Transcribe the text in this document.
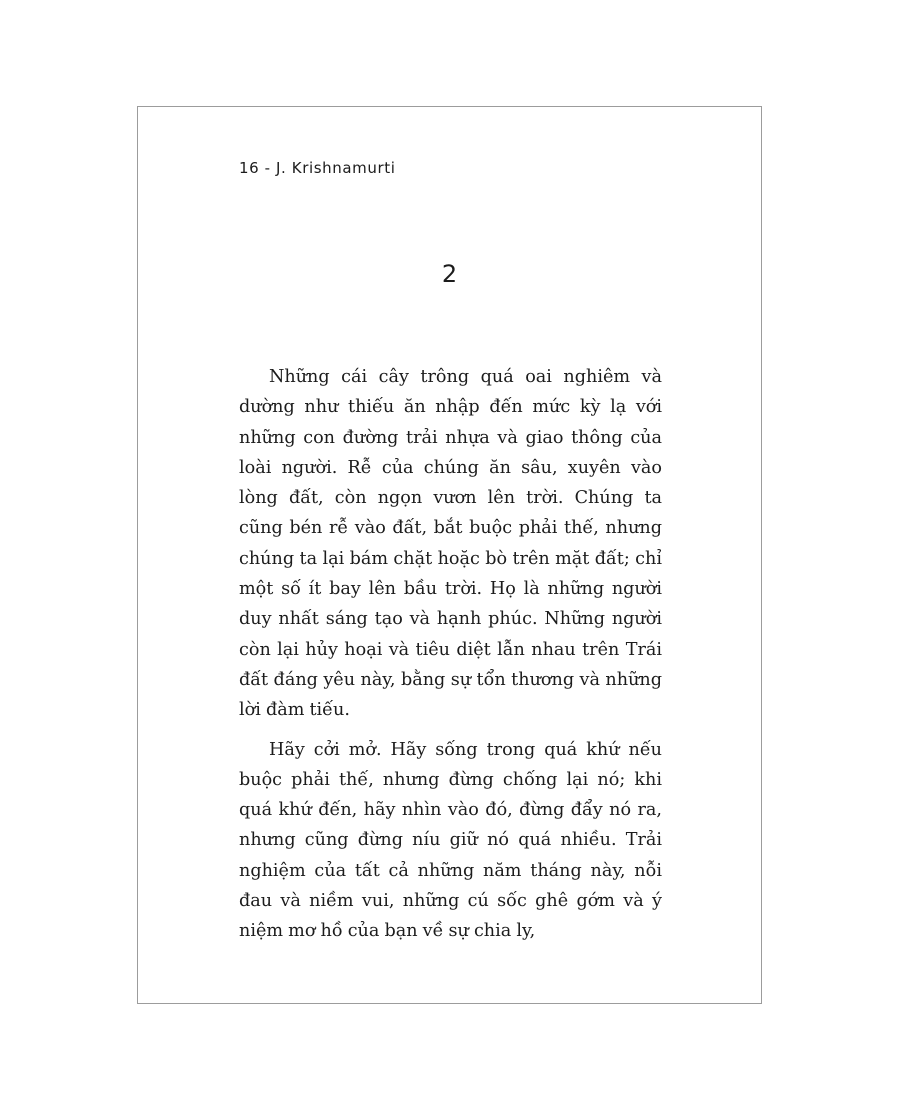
16 - J. Krishnamurti

2

Những cái cây trông quá oai nghiêm và dường như thiếu ăn nhập đến mức kỳ lạ với những con đường trải nhựa và giao thông của loài người. Rễ của chúng ăn sâu, xuyên vào lòng đất, còn ngọn vươn lên trời. Chúng ta cũng bén rễ vào đất, bắt buộc phải thế, nhưng chúng ta lại bám chặt hoặc bò trên mặt đất; chỉ một số ít bay lên bầu trời. Họ là những người duy nhất sáng tạo và hạnh phúc. Những người còn lại hủy hoại và tiêu diệt lẫn nhau trên Trái đất đáng yêu này, bằng sự tổn thương và những lời đàm tiếu.

Hãy cởi mở. Hãy sống trong quá khứ nếu buộc phải thế, nhưng đừng chống lại nó; khi quá khứ đến, hãy nhìn vào đó, đừng đẩy nó ra, nhưng cũng đừng níu giữ nó quá nhiều. Trải nghiệm của tất cả những năm tháng này, nỗi đau và niềm vui, những cú sốc ghê gớm và ý niệm mơ hồ của bạn về sự chia ly,
